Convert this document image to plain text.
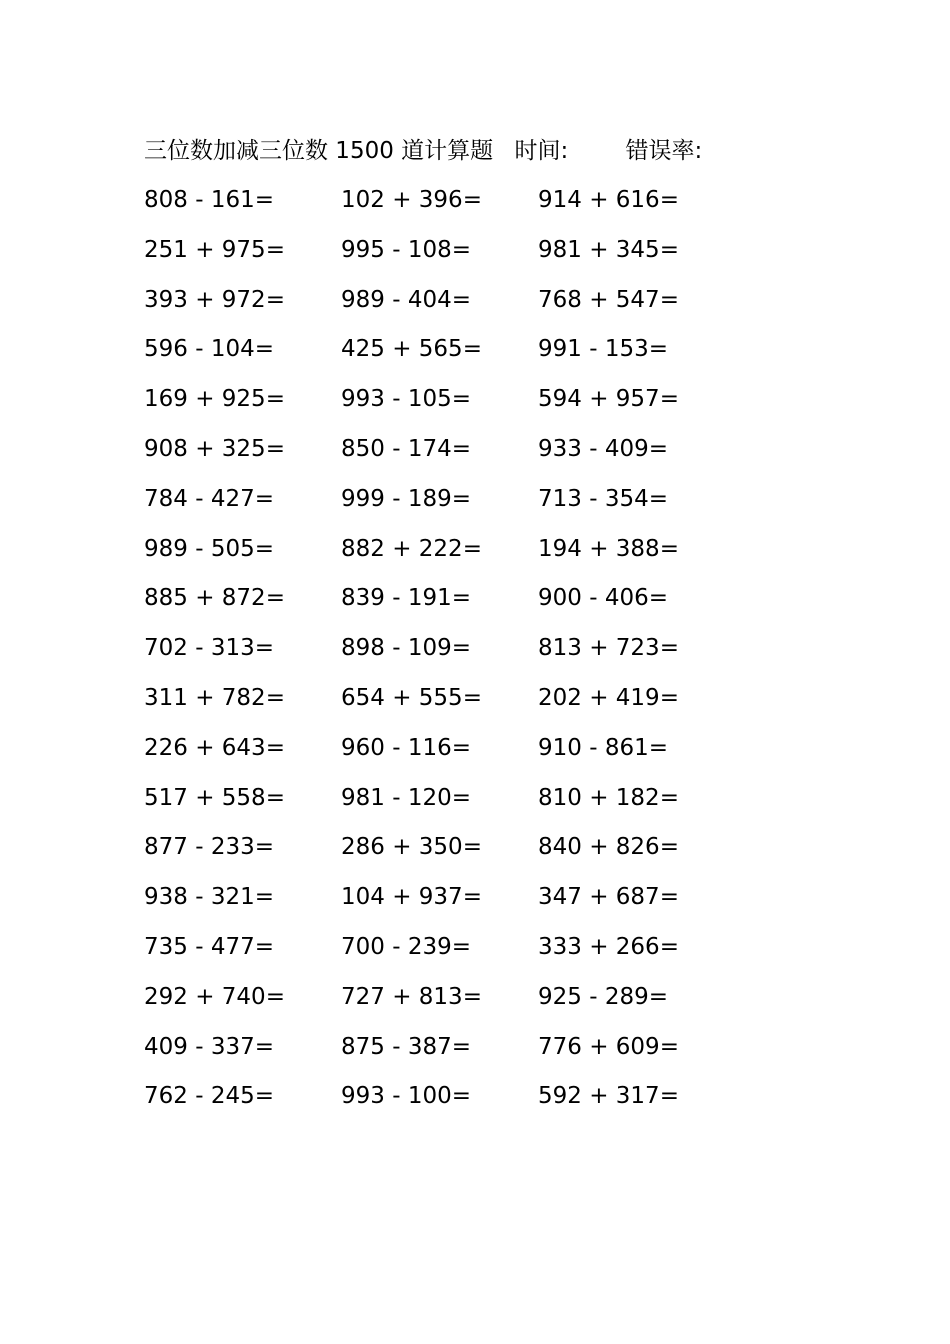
三位数加减三位数 1500 道计算题 时间: 错误率:
808 - 161=	102 + 396=	914 + 616=
251 + 975=	995 - 108=	981 + 345=
393 + 972=	989 - 404=	768 + 547=
596 - 104=	425 + 565=	991 - 153=
169 + 925=	993 - 105=	594 + 957=
908 + 325=	850 - 174=	933 - 409=
784 - 427=	999 - 189=	713 - 354=
989 - 505=	882 + 222=	194 + 388=
885 + 872=	839 - 191=	900 - 406=
702 - 313=	898 - 109=	813 + 723=
311 + 782=	654 + 555=	202 + 419=
226 + 643=	960 - 116=	910 - 861=
517 + 558=	981 - 120=	810 + 182=
877 - 233=	286 + 350=	840 + 826=
938 - 321=	104 + 937=	347 + 687=
735 - 477=	700 - 239=	333 + 266=
292 + 740=	727 + 813=	925 - 289=
409 - 337=	875 - 387=	776 + 609=
762 - 245=	993 - 100=	592 + 317=
